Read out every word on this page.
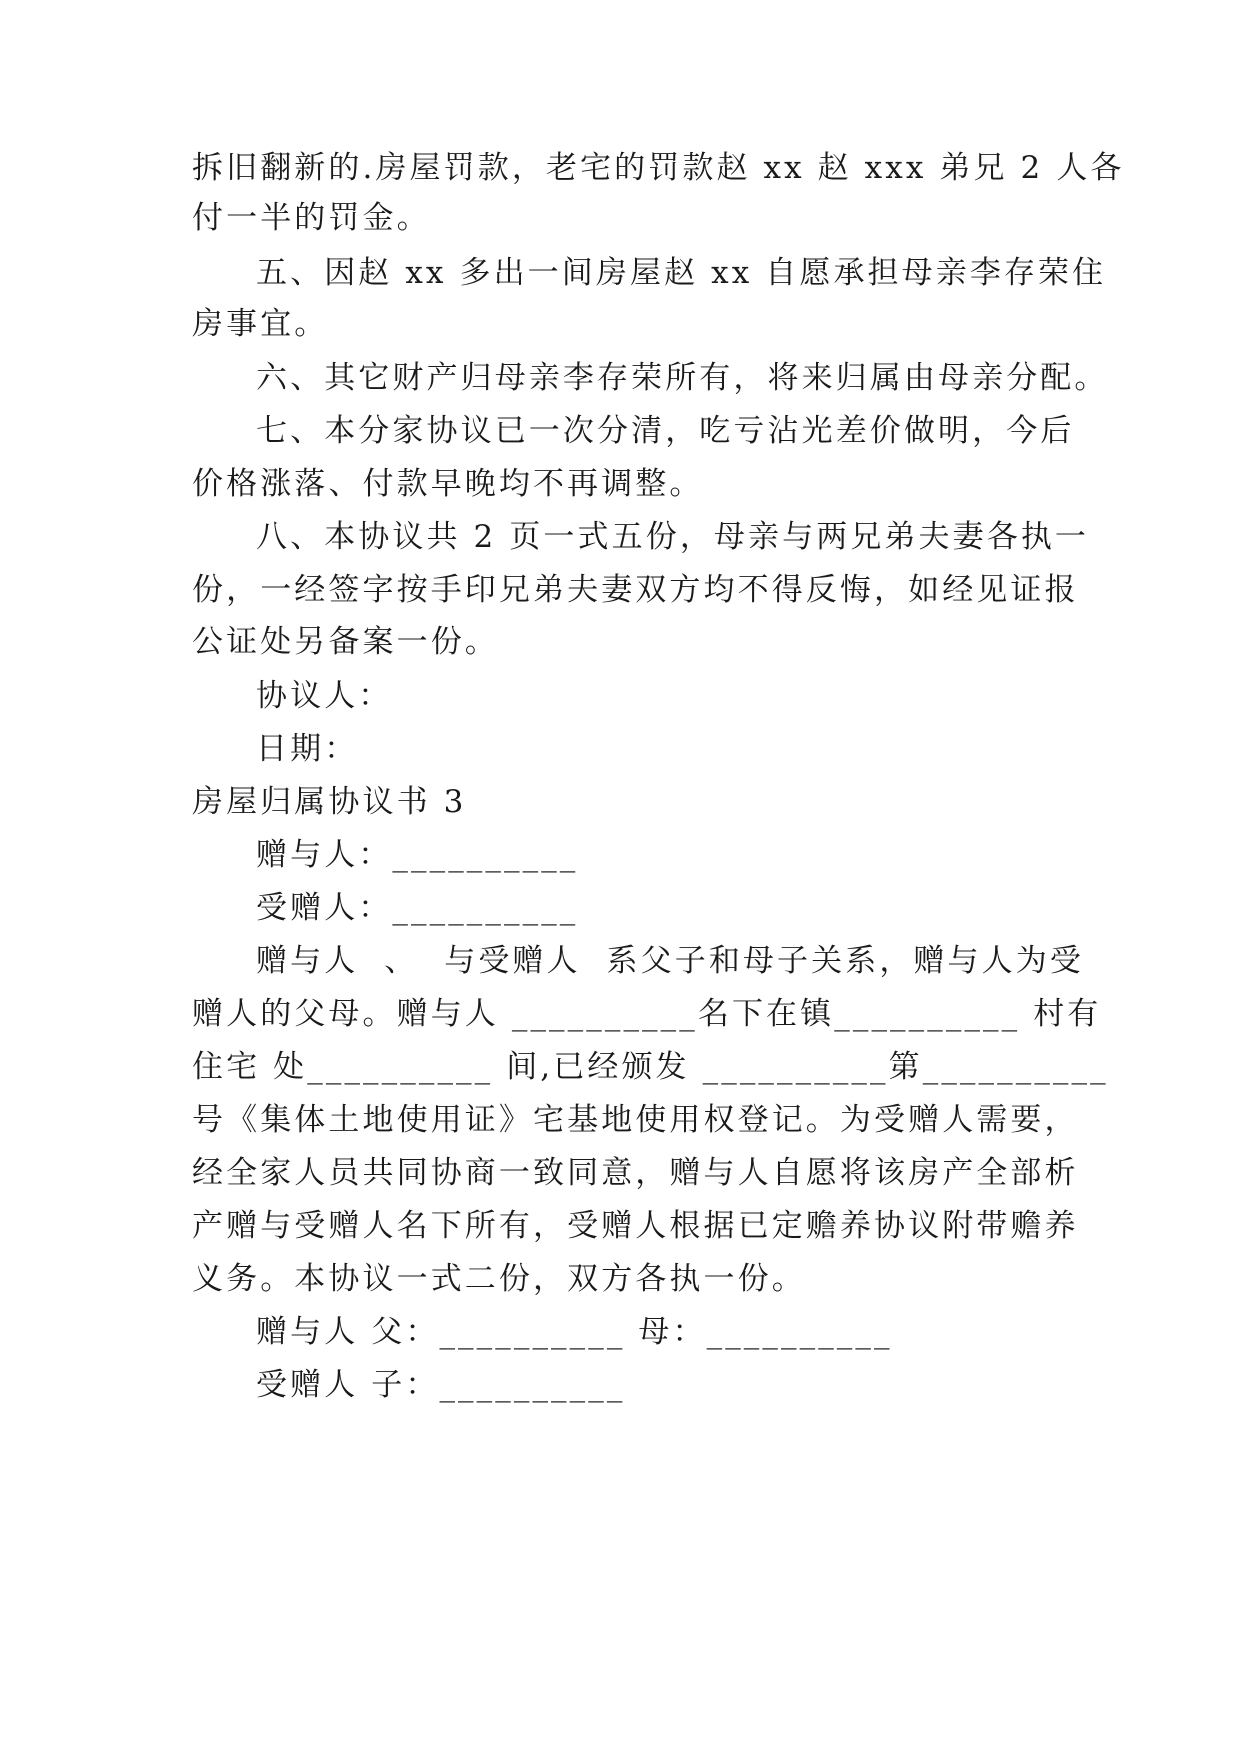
拆旧翻新的.房屋罚款，老宅的罚款赵 xx 赵 xxx 弟兄 2 人各
付一半的罚金。
五、因赵 xx 多出一间房屋赵 xx 自愿承担母亲李存荣住
房事宜。
六、其它财产归母亲李存荣所有，将来归属由母亲分配。
七、本分家协议已一次分清，吃亏沾光差价做明，今后
价格涨落、付款早晚均不再调整。
八、本协议共 2 页一式五份，母亲与两兄弟夫妻各执一
份，一经签字按手印兄弟夫妻双方均不得反悔，如经见证报
公证处另备案一份。
协议人：
日期：
房屋归属协议书 3
赠与人：__________
受赠人：__________
赠与人  、  与受赠人  系父子和母子关系，赠与人为受
赠人的父母。赠与人 __________名下在镇__________ 村有
住宅 处__________ 间,已经颁发 __________第__________
号《集体土地使用证》宅基地使用权登记。为受赠人需要，
经全家人员共同协商一致同意，赠与人自愿将该房产全部析
产赠与受赠人名下所有，受赠人根据已定赡养协议附带赡养
义务。本协议一式二份，双方各执一份。
赠与人 父：__________ 母：__________
受赠人 子：__________
